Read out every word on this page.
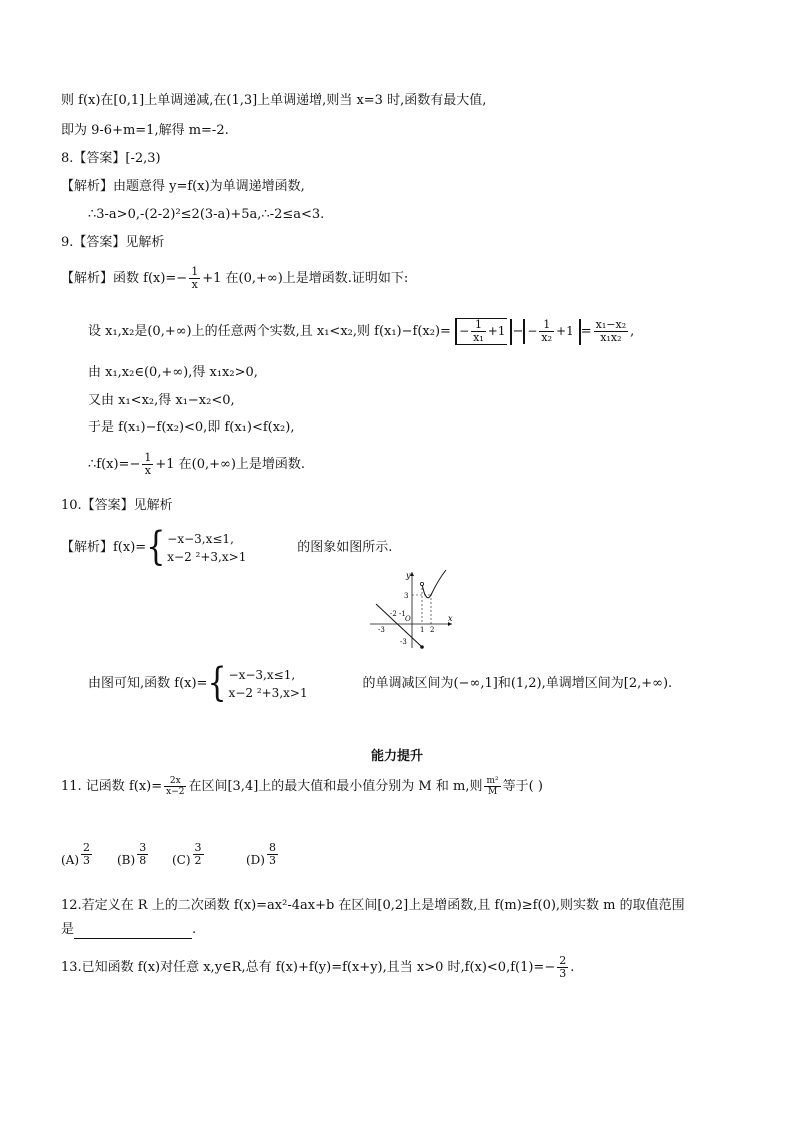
则 f(x)在[0,1]上单调递减,在(1,3]上单调递增,则当 x=3 时,函数有最大值,
即为 9-6+m=1,解得 m=-2.
8.【答案】[-2,3)
【解析】由题意得 y=f(x)为单调递增函数,
∴3-a>0,-(2-2)²≤2(3-a)+5a,∴-2≤a<3.
9.【答案】见解析
【解析】函数 $f(x)=- \frac{1}{x} +1$ 在(0,+∞)上是增函数.证明如下:
设 x₁,x₂是(0,+∞)上的任意两个实数,且 x₁<x₂,则 $f(x_1)-f(x_2)= - \frac{1}{\text{x₁}} +1$ − − $\frac{1}{\text{x₂}} +1 = \frac{\text{x₁−x₂}}{\text{x₁x₂}}$ ,
由 x₁,x₂∈(0,+∞),得 x₁x₂>0,
又由 x₁<x₂,得 x₁−x₂<0,
于是 f(x₁)−f(x₂)<0,即 f(x₁)<f(x₂),
∴f(x)=− $\frac{1}{x} +1$ 在(0,+∞)上是增函数.
10.【答案】见解析
【解析】f(x)={ −x−3,x≤1,
x−2 ²+3,x>1
的图象如图所示.
y
x
O
3
-3
-3
-2 -1
1 2
由图可知,函数 f(x)={ −x−3,x≤1,
x−2 ²+3,x>1
的单调减区间为(−∞,1]和(1,2),单调增区间为[2,+∞).
能力提升
11. 记函数 $f(x)= \frac{2x}{x-2}$ 在区间[3,4]上的最大值和最小值分别为 M 和 m,则 $\frac{\text{m²}}{M}$ 等于( )
$(A) \frac{2}{3} (B) \frac{3}{8} (C) \frac{3}{2}$	$(D) \frac{8}{3}$
12.若定义在 R 上的二次函数 f(x)=ax²-4ax+b 在区间[0,2]上是增函数,且 f(m)≥f(0),则实数 m 的取值范围
是	.
13.已知函数 f(x)对任意 x,y∈R,总有 f(x)+f(y)=f(x+y),且当 x>0 时$,f(x)<0,f(1)=- \frac{2}{3}$ .
